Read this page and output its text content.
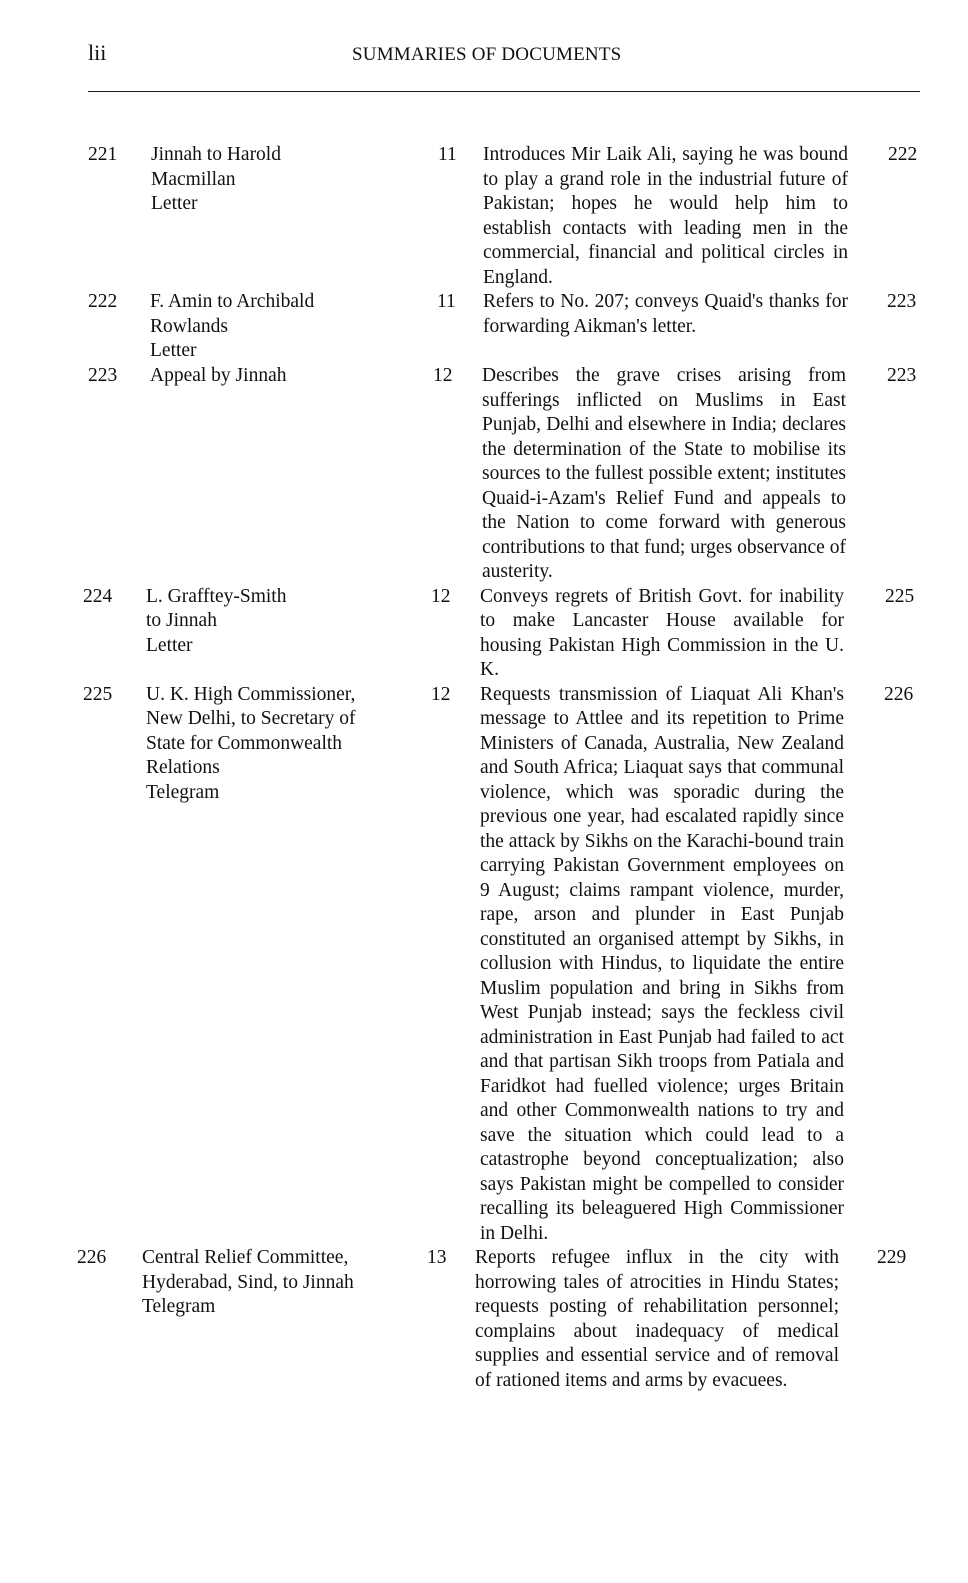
lii	SUMMARIES OF DOCUMENTS
221 Jinnah to Harold
Macmillan
Letter
11 Introduces Mir Laik Ali, saying he was bound to play a grand role in the industrial future of Pakistan; hopes he would help him to establish contacts with leading men in the commercial, financial and political circles in England.
222
222 F. Amin to Archibald
Rowlands
Letter
11 Refers to No. 207; conveys Quaid's thanks for forwarding Aikman's letter.
223
223 Appeal by Jinnah	12 Describes the grave crises arising from sufferings inflicted on Muslims in East Punjab, Delhi and elsewhere in India; declares the determination of the State to mobilise its sources to the fullest possible extent; institutes Quaid-i-Azam's Relief Fund and appeals to the Nation to come forward with generous contributions to that fund; urges observance of austerity.
223
224 L. Grafftey-Smith
to Jinnah
Letter
12 Conveys regrets of British Govt. for inability to make Lancaster House available for housing Pakistan High Commission in the U. K.
225
225 U. K. High Commissioner,
New Delhi, to Secretary of
State for Commonwealth
Relations
Telegram
12 Requests transmission of Liaquat Ali Khan's message to Attlee and its repetition to Prime Ministers of Canada, Australia, New Zealand and South Africa; Liaquat says that communal violence, which was sporadic during the previous one year, had escalated rapidly since the attack by Sikhs on the Karachi-bound train carrying Pakistan Government employees on 9 August; claims rampant violence, murder, rape, arson and plunder in East Punjab constituted an organised attempt by Sikhs, in collusion with Hindus, to liquidate the entire Muslim population and bring in Sikhs from West Punjab instead; says the feckless civil administration in East Punjab had failed to act and that partisan Sikh troops from Patiala and Faridkot had fuelled violence; urges Britain and other Commonwealth nations to try and save the situation which could lead to a catastrophe beyond conceptualization; also says Pakistan might be compelled to consider recalling its beleaguered High Commissioner in Delhi.
226
226 Central Relief Committee,
Hyderabad, Sind, to Jinnah
Telegram
13 Reports refugee influx in the city with horrowing tales of atrocities in Hindu States; requests posting of rehabilitation personnel; complains about inadequacy of medical supplies and essential service and of removal of rationed items and arms by evacuees.
229
